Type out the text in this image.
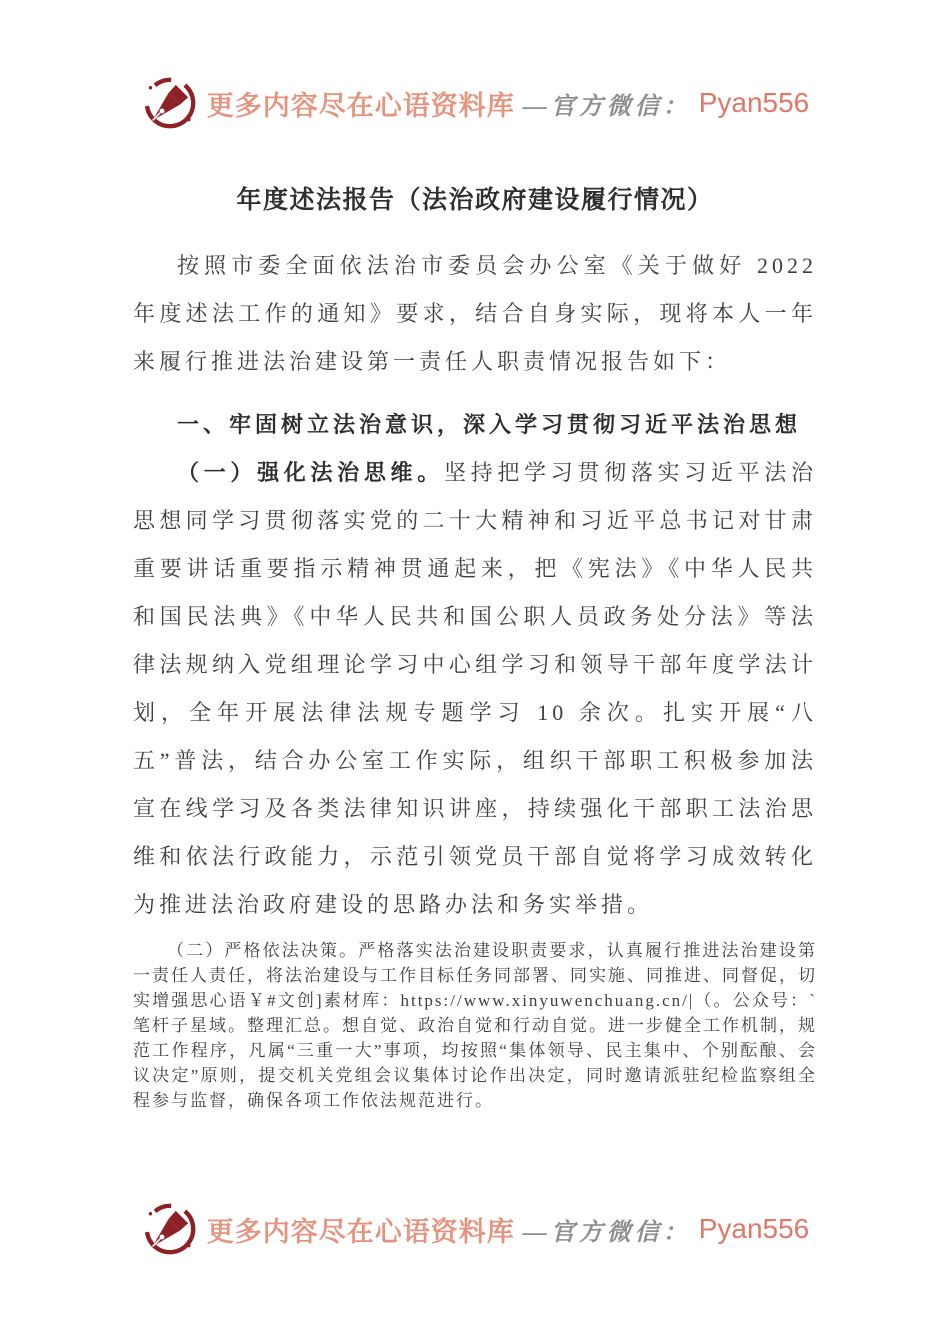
更多内容尽在心语资料库 —官方微信： Pyan556
年度述法报告（法治政府建设履行情况）

按照市委全面依法治市委员会办公室《关于做好 2022 年度述法工作的通知》要求，结合自身实际，现将本人一年来履行推进法治建设第一责任人职责情况报告如下：

一、牢固树立法治意识，深入学习贯彻习近平法治思想

（一）强化法治思维。坚持把学习贯彻落实习近平法治思想同学习贯彻落实党的二十大精神和习近平总书记对甘肃重要讲话重要指示精神贯通起来，把《宪法》《中华人民共和国民法典》《中华人民共和国公职人员政务处分法》等法律法规纳入党组理论学习中心组学习和领导干部年度学法计划，全年开展法律法规专题学习 10 余次。扎实开展“八五”普法，结合办公室工作实际，组织干部职工积极参加法宣在线学习及各类法律知识讲座，持续强化干部职工法治思维和依法行政能力，示范引领党员干部自觉将学习成效转化为推进法治政府建设的思路办法和务实举措。

（二）严格依法决策。严格落实法治建设职责要求，认真履行推进法治建设第一责任人责任，将法治建设与工作目标任务同部署、同实施、同推进、同督促，切实增强思心语￥#文创]素材库：https://www.xinyuwenchuang.cn/|（。公众号：`笔杆子星域。整理汇总。想自觉、政治自觉和行动自觉。进一步健全工作机制，规范工作程序，凡属“三重一大”事项，均按照“集体领导、民主集中、个别酝酿、会议决定”原则，提交机关党组会议集体讨论作出决定，同时邀请派驻纪检监察组全程参与监督，确保各项工作依法规范进行。

更多内容尽在心语资料库 —官方微信： Pyan556
